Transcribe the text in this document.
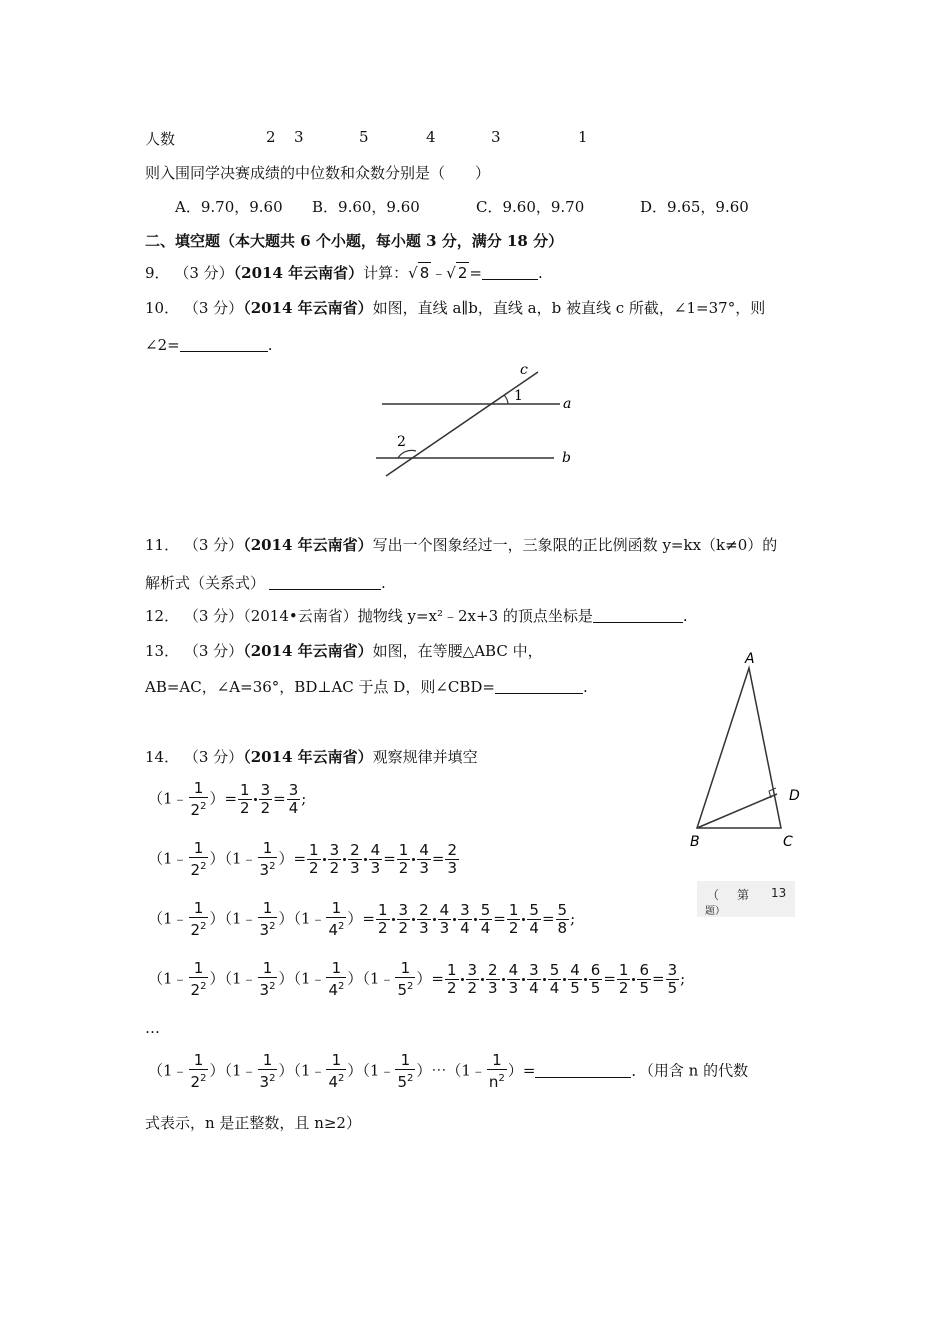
人数	2 3	5	4	3	1
则入围同学决赛成绩的中位数和众数分别是（　　）
A．9.70，9.60 B．9.60，9.60	C．9.60，9.70	D．9.65，9.60
二、填空题（本大题共 6 个小题，每小题 3 分，满分 18 分）
9． （3 分）（2014 年云南省）计算：√ 8 ﹣√ 2 =	.
10． （3 分）（2014 年云南省）如图，直线 a∥b，直线 a，b 被直线 c 所截，∠1=37°，则
∠2=	.
c
1	a
2
b
11． （3 分）（2014 年云南省）写出一个图象经过一，三象限的正比例函数 y=kx（k≠0）的
解析式（关系式）	.
12． （3 分）（2014•云南省）抛物线 y=x²﹣2x+3 的顶点坐标是	.
13． （3 分）（2014 年云南省）如图，在等腰△ABC 中，
AB=AC，∠A=36°，BD⊥AC 于点 D，则∠CBD=	.
A
D
B	C
（ 第 13
题）
14． （3 分）（2014 年云南省）观察规律并填空
（1﹣ $\frac{1}{2^2}$ ）= $\frac{1}{2} \frac{3}{2} = \frac{3}{4}$ ;
（1﹣ $\frac{1}{2^2}$ ）（1﹣ $\frac{1}{3^2}$ ）= $\frac{1}{2} \frac{3}{2} \frac{2}{3} \frac{4}{3} = \frac{1}{2} \frac{4}{3} = \frac{2}{3}$
（1﹣ $\frac{1}{2^2}$ ）（1﹣ $\frac{1}{3^2}$ ）（1﹣ $\frac{1}{4^2}$ ）= $\frac{1}{2} \frac{3}{2} \frac{2}{3} \frac{4}{3} \frac{3}{4} \frac{5}{4} = \frac{1}{2} \frac{5}{4} = \frac{5}{8}$ ;
（1﹣ $\frac{1}{2^2}$ ）（1﹣ $\frac{1}{3^2}$ ）（1﹣ $\frac{1}{4^2}$ ）（1﹣ $\frac{1}{5^2}$ ）= $\frac{1}{2} \frac{3}{2} \frac{2}{3} \frac{4}{3} \frac{3}{4} \frac{5}{4} \frac{4}{5} \frac{6}{5} = \frac{1}{2} \frac{6}{5} = \frac{3}{5}$ ;
…
（1﹣ $\frac{1}{2^2}$ ）（1﹣ $\frac{1}{3^2}$ ）（1﹣ $\frac{1}{4^2}$ ）（1﹣ $\frac{1}{5^2}$ ）⋯（1﹣ $\frac{1}{n^2}$ ）=	．（用含 n 的代数
式表示，n 是正整数，且 n≥2）
